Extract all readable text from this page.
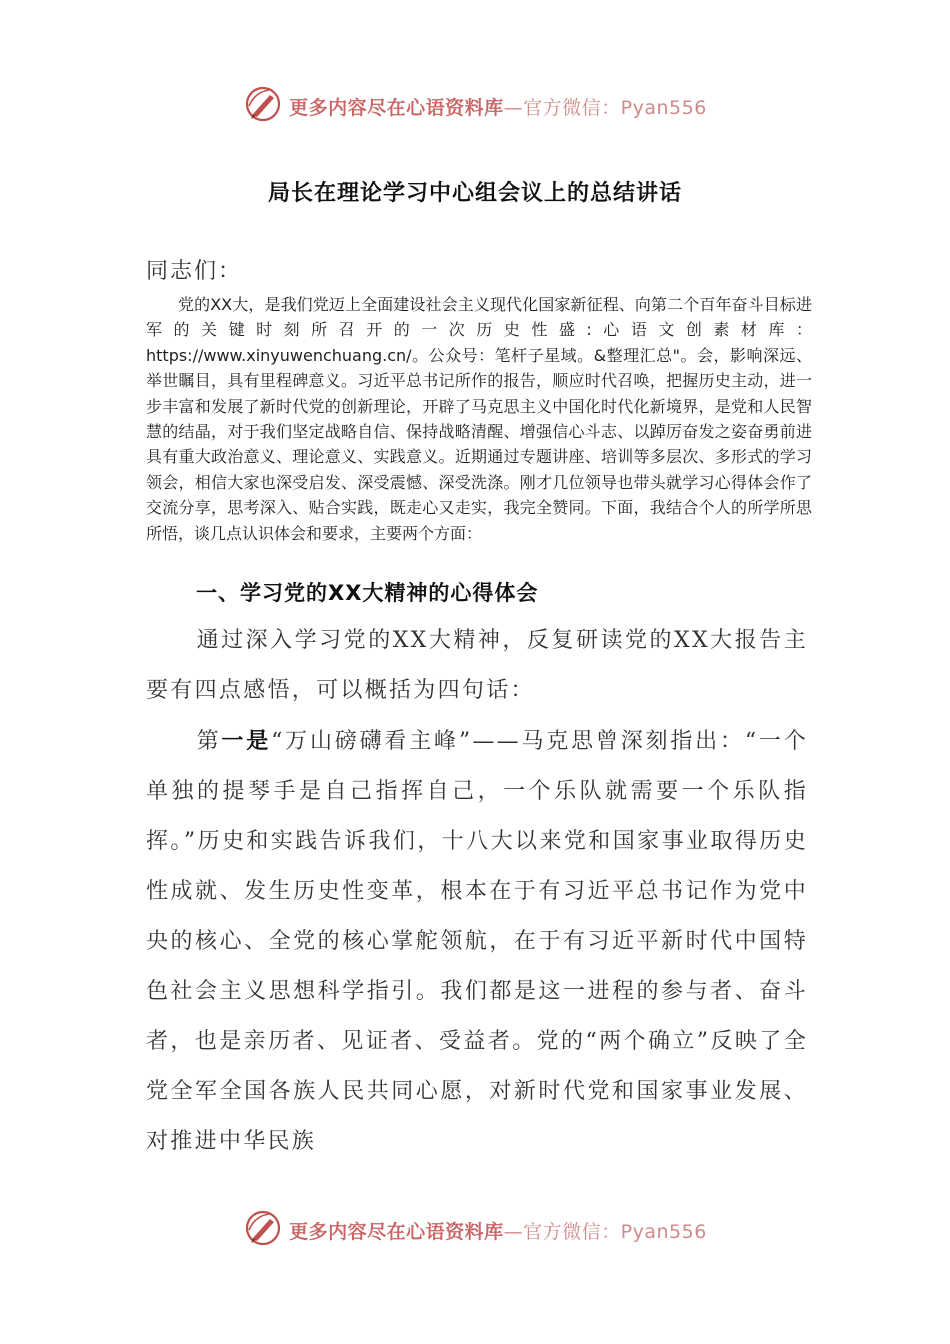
更多内容尽在心语资料库—官方微信：Pyan556
局长在理论学习中心组会议上的总结讲话
同志们：
党的XX大，是我们党迈上全面建设社会主义现代化国家新征程、向第二个百年奋斗目标进军的关键时刻所召开的一次历史性盛:心语文创素材库：https://www.xinyuwenchuang.cn/。公众号：笔杆子星域。&整理汇总"。会，影响深远、举世瞩目，具有里程碑意义。习近平总书记所作的报告，顺应时代召唤，把握历史主动，进一步丰富和发展了新时代党的创新理论，开辟了马克思主义中国化时代化新境界，是党和人民智慧的结晶，对于我们坚定战略自信、保持战略清醒、增强信心斗志、以踔厉奋发之姿奋勇前进具有重大政治意义、理论意义、实践意义。近期通过专题讲座、培训等多层次、多形式的学习领会，相信大家也深受启发、深受震憾、深受洗涤。刚才几位领导也带头就学习心得体会作了交流分享，思考深入、贴合实践，既走心又走实，我完全赞同。下面，我结合个人的所学所思所悟，谈几点认识体会和要求，主要两个方面：
一、学习党的XX大精神的心得体会
通过深入学习党的XX大精神，反复研读党的XX大报告主要有四点感悟，可以概括为四句话：
第一是“万山磅礴看主峰”——马克思曾深刻指出：“一个单独的提琴手是自己指挥自己，一个乐队就需要一个乐队指挥。”历史和实践告诉我们，十八大以来党和国家事业取得历史性成就、发生历史性变革，根本在于有习近平总书记作为党中央的核心、全党的核心掌舵领航，在于有习近平新时代中国特色社会主义思想科学指引。我们都是这一进程的参与者、奋斗者，也是亲历者、见证者、受益者。党的“两个确立”反映了全党全军全国各族人民共同心愿，对新时代党和国家事业发展、对推进中华民族
更多内容尽在心语资料库—官方微信：Pyan556
